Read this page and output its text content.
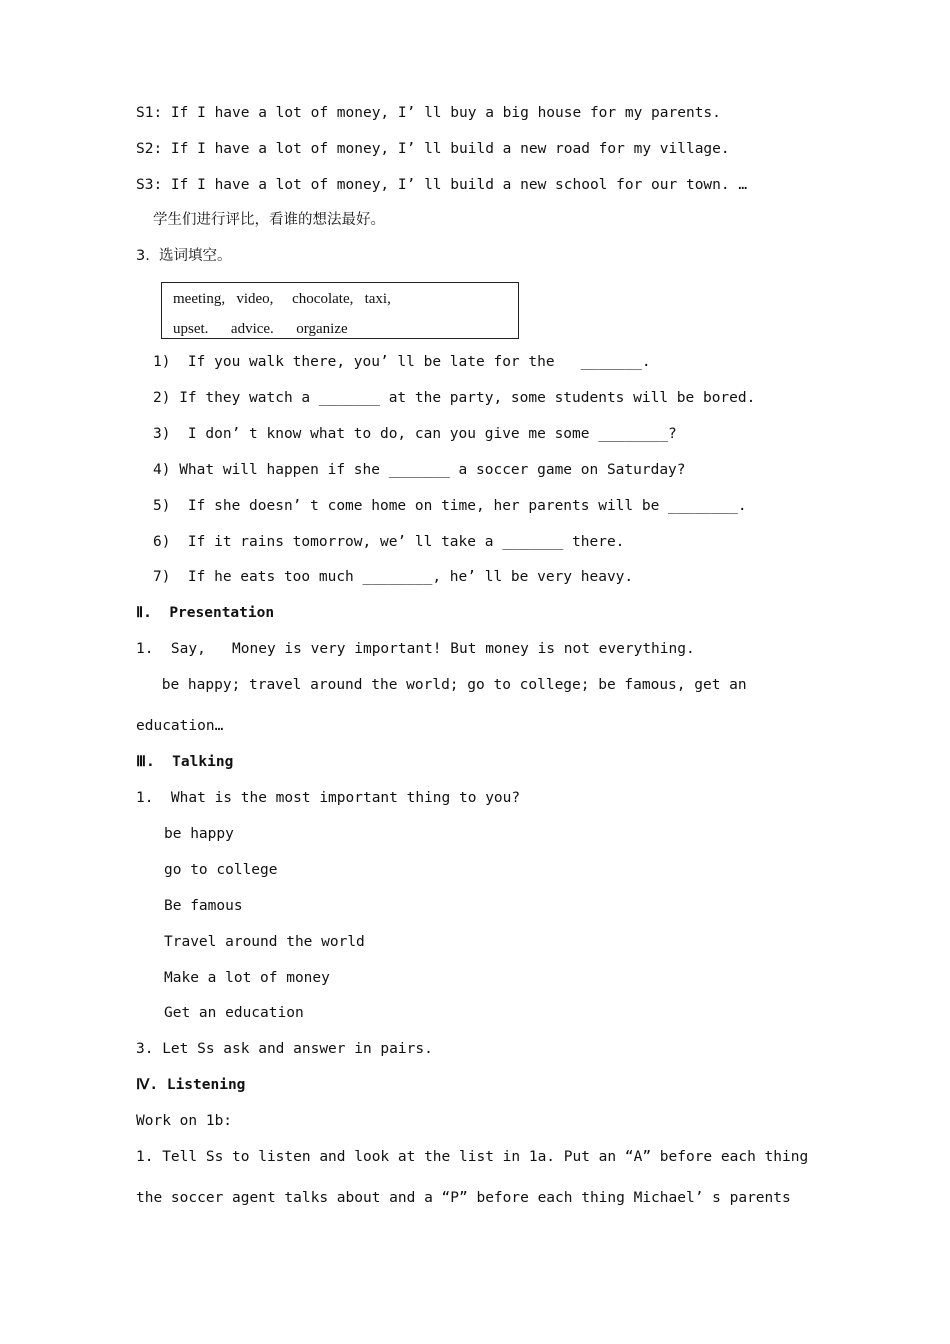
S1: If I have a lot of money, I’ ll buy a big house for my parents.
S2: If I have a lot of money, I’ ll build a new road for my village.
S3: If I have a lot of money, I’ ll build a new school for our town. …
学生们进行评比，看谁的想法最好。
3.  选词填空。
meeting,   video,     chocolate,   taxi,
upset.      advice.      organize
1)  If you walk there, you’ ll be late for the   _______.
2) If they watch a _______ at the party, some students will be bored.
3)  I don’ t know what to do, can you give me some ________?
4) What will happen if she _______ a soccer game on Saturday?
5)  If she doesn’ t come home on time, her parents will be ________.
6)  If it rains tomorrow, we’ ll take a _______ there.
7)  If he eats too much ________, he’ ll be very heavy.
Ⅱ.  Presentation
1.  Say,   Money is very important! But money is not everything.
be happy; travel around the world; go to college; be famous, get an
education…
Ⅲ.  Talking
1.  What is the most important thing to you?
be happy
go to college
Be famous
Travel around the world
Make a lot of money
Get an education
3. Let Ss ask and answer in pairs.
Ⅳ. Listening
Work on 1b:
1. Tell Ss to listen and look at the list in 1a. Put an “A” before each thing
the soccer agent talks about and a “P” before each thing Michael’ s parents
